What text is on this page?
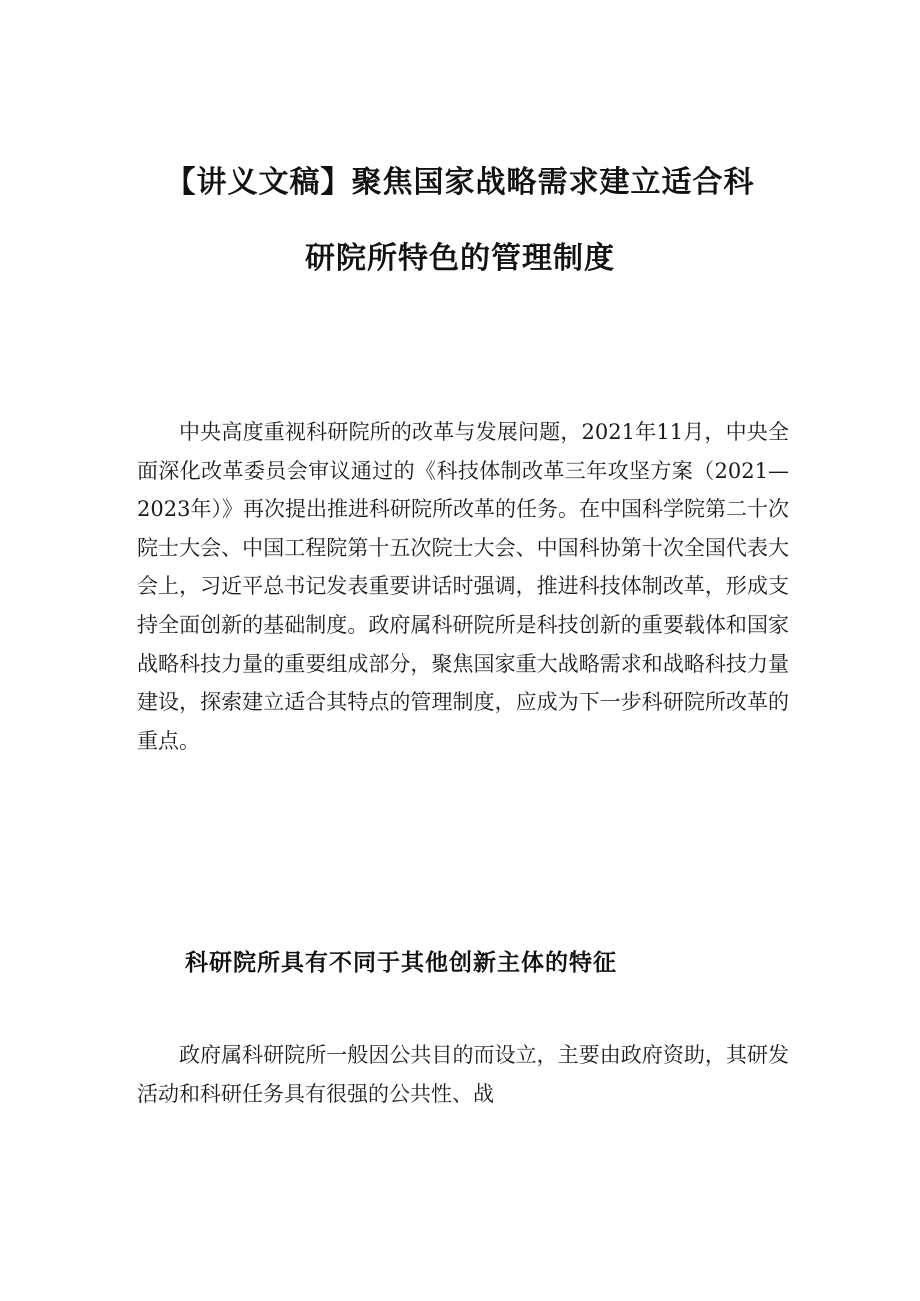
【讲义文稿】聚焦国家战略需求建立适合科
研院所特色的管理制度

中央高度重视科研院所的改革与发展问题，2021年11月，中央全面深化改革委员会审议通过的《科技体制改革三年攻坚方案（2021—2023年）》再次提出推进科研院所改革的任务。在中国科学院第二十次院士大会、中国工程院第十五次院士大会、中国科协第十次全国代表大会上，习近平总书记发表重要讲话时强调，推进科技体制改革，形成支持全面创新的基础制度。政府属科研院所是科技创新的重要载体和国家战略科技力量的重要组成部分，聚焦国家重大战略需求和战略科技力量建设，探索建立适合其特点的管理制度，应成为下一步科研院所改革的重点。

科研院所具有不同于其他创新主体的特征

政府属科研院所一般因公共目的而设立，主要由政府资助，其研发活动和科研任务具有很强的公共性、战
